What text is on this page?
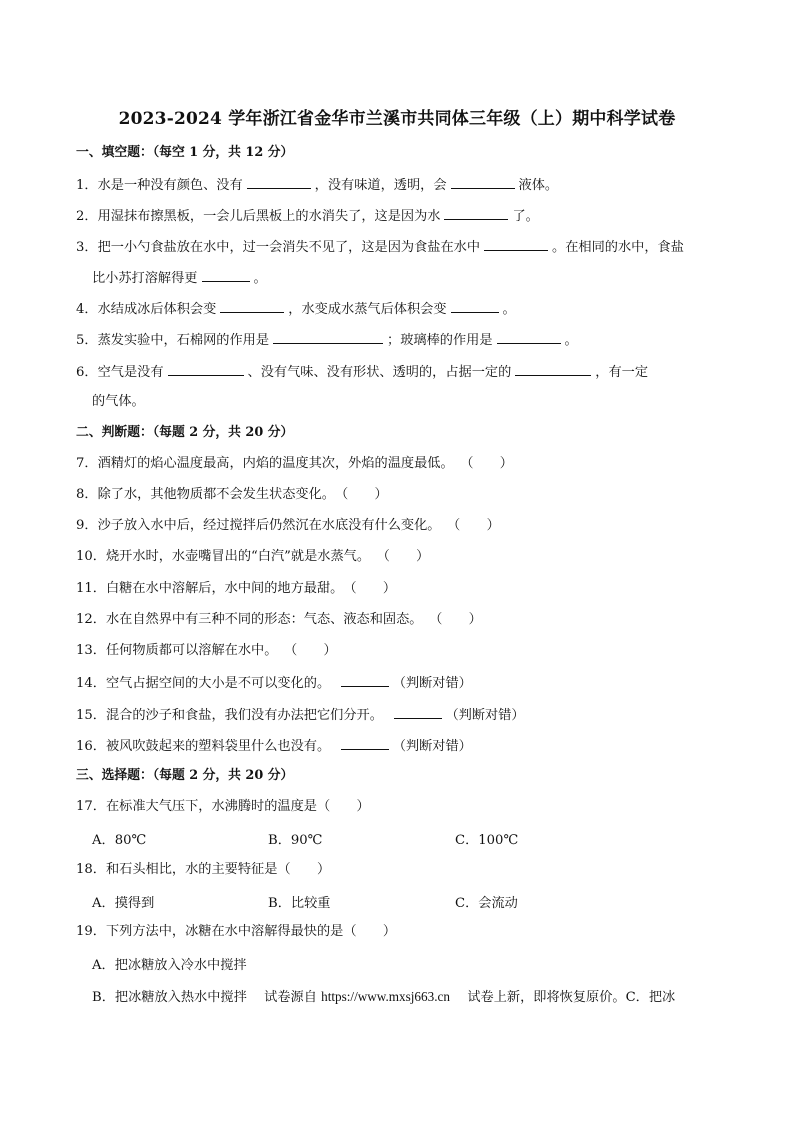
2023-2024 学年浙江省金华市兰溪市共同体三年级（上）期中科学试卷
一、填空题：（每空 1 分，共 12 分）
1．水是一种没有颜色、没有	，没有味道，透明，会	液体。
2．用湿抹布擦黑板，一会儿后黑板上的水消失了，这是因为水	了。
3．把一小勺食盐放在水中，过一会消失不见了，这是因为食盐在水中	。在相同的水中，食盐
比小苏打溶解得更	。
4．水结成冰后体积会变	，水变成水蒸气后体积会变	。
5．蒸发实验中，石棉网的作用是	；玻璃棒的作用是	。
6．空气是没有	、没有气味、没有形状、透明的，占据一定的	，有一定
的气体。
二、判断题：（每题 2 分，共 20 分）
7．酒精灯的焰心温度最高，内焰的温度其次，外焰的温度最低。　 （　　）
8．除了水，其他物质都不会发生状态变化。（　　）
9．沙子放入水中后，经过搅拌后仍然沉在水底没有什么变化。　 （　　）
10．烧开水时，水壶嘴冒出的“白汽”就是水蒸气。　 （　　）
11．白糖在水中溶解后，水中间的地方最甜。（　　）
12．水在自然界中有三种不同的形态：气态、液态和固态。　 （　　）
13．任何物质都可以溶解在水中。　 （　　）
14．空气占据空间的大小是不可以变化的。　	（判断对错）
15．混合的沙子和食盐，我们没有办法把它们分开。　	（判断对错）
16．被风吹鼓起来的塑料袋里什么也没有。　	（判断对错）
三、选择题：（每题 2 分，共 20 分）
17．在标准大气压下，水沸腾时的温度是（　　）
A．80℃	B．90℃	C．100℃
18．和石头相比，水的主要特征是（　　）
A．摸得到	B．比较重	C．会流动
19．下列方法中，冰糖在水中溶解得最快的是（　　）
A．把冰糖放入冷水中搅拌
B．把冰糖放入热水中搅拌　 试卷源自 https://www.mxsj663.cn　 试卷上新，即将恢复原价。C．把冰
